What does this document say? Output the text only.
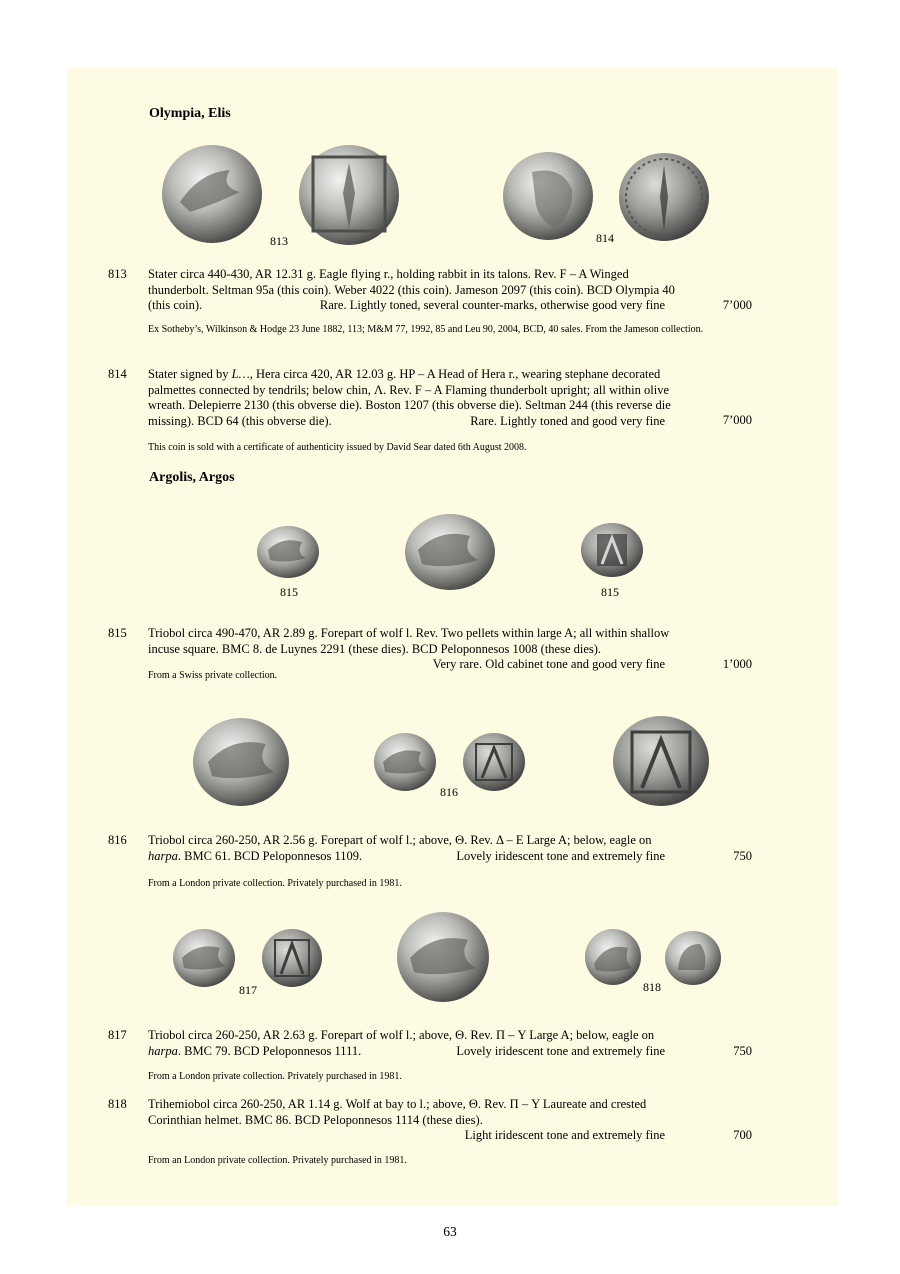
Olympia, Elis
813	814
813 Stater circa 440-430, AR 12.31 g. Eagle flying r., holding rabbit in its talons. Rev. F – A Winged

thunderbolt. Seltman 95a (this coin). Weber 4022 (this coin). Jameson 2097 (this coin). BCD Olympia 40

(this coin).	Rare. Lightly toned, several counter-marks, otherwise good very fine	7’000
Ex Sotheby’s, Wilkinson & Hodge 23 June 1882, 113; M&M 77, 1992, 85 and Leu 90, 2004, BCD, 40 sales. From the Jameson collection.
814 Stater signed by L…, Hera circa 420, AR 12.03 g. HP – A Head of Hera r., wearing stephane decorated

palmettes connected by tendrils; below chin, Λ. Rev. F – A Flaming thunderbolt upright; all within olive

wreath. Delepierre 2130 (this obverse die). Boston 1207 (this obverse die). Seltman 244 (this reverse die

missing). BCD 64 (this obverse die).	Rare. Lightly toned and good very fine	7’000
This coin is sold with a certificate of authenticity issued by David Sear dated 6th August 2008.
Argolis, Argos
815	815
815 Triobol circa 490-470, AR 2.89 g. Forepart of wolf l. Rev. Two pellets within large A; all within shallow

incuse square. BMC 8. de Luynes 2291 (these dies). BCD Peloponnesos 1008 (these dies).

Very rare. Old cabinet tone and good very fine	1’000
From a Swiss private collection.
816
816 Triobol circa 260-250, AR 2.56 g. Forepart of wolf l.; above, Θ. Rev. Δ – E Large A; below, eagle on

harpa. BMC 61. BCD Peloponnesos 1109.	Lovely iridescent tone and extremely fine	750
From a London private collection. Privately purchased in 1981.
817	818
817 Triobol circa 260-250, AR 2.63 g. Forepart of wolf l.; above, Θ. Rev. Π – Y Large A; below, eagle on

harpa. BMC 79. BCD Peloponnesos 1111.	Lovely iridescent tone and extremely fine	750
From a London private collection. Privately purchased in 1981.
818 Trihemiobol circa 260-250, AR 1.14 g. Wolf at bay to l.; above, Θ. Rev. Π – Y Laureate and crested

Corinthian helmet. BMC 86. BCD Peloponnesos 1114 (these dies).

Light iridescent tone and extremely fine	700
From an London private collection. Privately purchased in 1981.
63
